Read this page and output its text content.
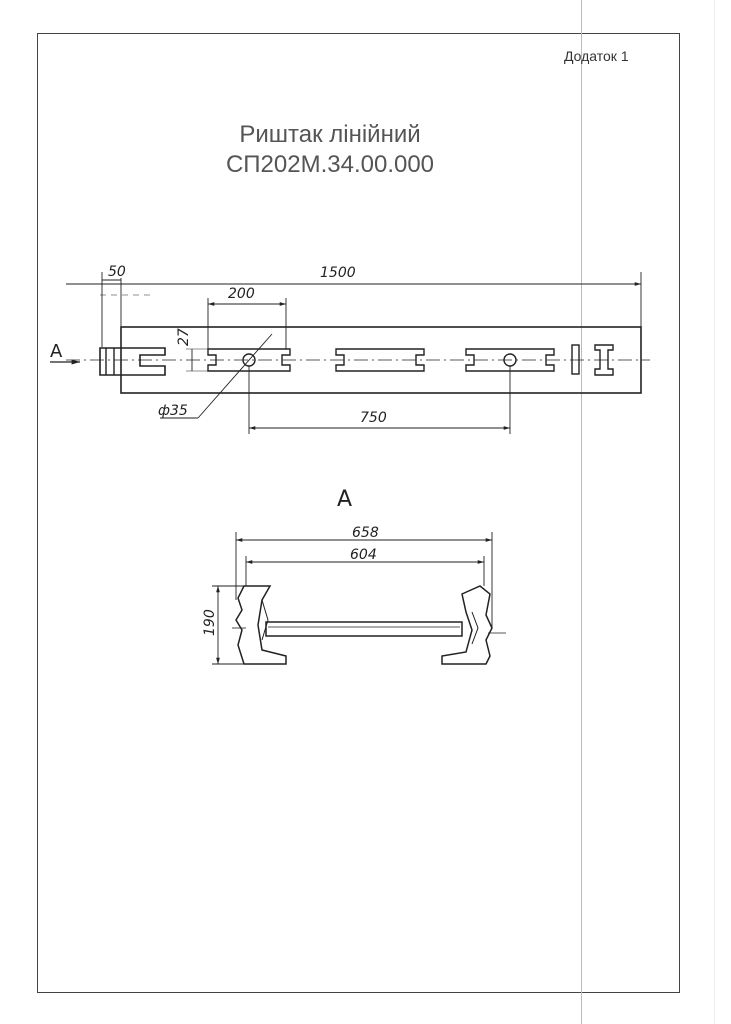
Додаток 1
Риштак лінійний
СП202М.34.00.000
50	1500
200
27
ф35	750
A
A
658
604
190
